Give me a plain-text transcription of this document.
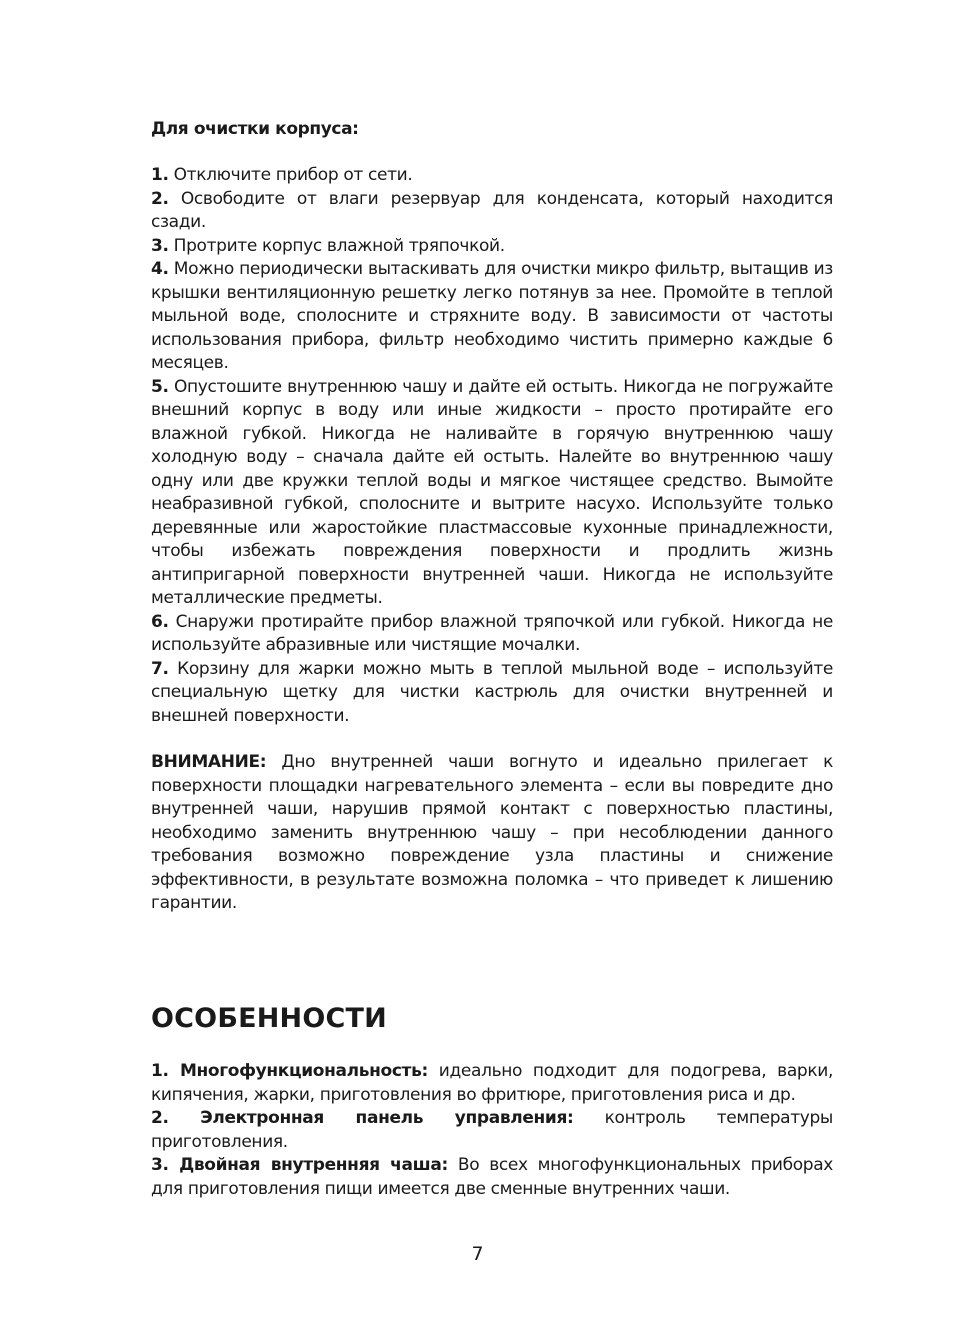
Для очистки корпуса:

1. Отключите прибор от сети.

2. Освободите от влаги резервуар для конденсата, который находится сзади.

3. Протрите корпус влажной тряпочкой.

4. Можно периодически вытаскивать для очистки микро фильтр, вытащив из крышки вентиляционную решетку легко потянув за нее. Промойте в теплой мыльной воде, сполосните и стряхните воду. В зависимости от частоты использования прибора, фильтр необходимо чистить примерно каждые 6 месяцев.

5. Опустошите внутреннюю чашу и дайте ей остыть. Никогда не погружайте внешний корпус в воду или иные жидкости – просто протирайте его влажной губкой. Никогда не наливайте в горячую внутреннюю чашу холодную воду – сначала дайте ей остыть. Налейте во внутреннюю чашу одну или две кружки теплой воды и мягкое чистящее средство. Вымойте неабразивной губкой, сполосните и вытрите насухо. Используйте только деревянные или жаростойкие пластмассовые кухонные принадлежности, чтобы избежать повреждения поверхности и продлить жизнь антипригарной поверхности внутренней чаши. Никогда не используйте металлические предметы.

6. Снаружи протирайте прибор влажной тряпочкой или губкой. Никогда не используйте абразивные или чистящие мочалки.

7. Корзину для жарки можно мыть в теплой мыльной воде – используйте специальную щетку для чистки кастрюль для очистки внутренней и внешней поверхности.

ВНИМАНИЕ: Дно внутренней чаши вогнуто и идеально прилегает к поверхности площадки нагревательного элемента – если вы повредите дно внутренней чаши, нарушив прямой контакт с поверхностью пластины, необходимо заменить внутреннюю чашу – при несоблюдении данного требования возможно повреждение узла пластины и снижение эффективности, в результате возможна поломка – что приведет к лишению гарантии.

ОСОБЕННОСТИ

1. Многофункциональность: идеально подходит для подогрева, варки, кипячения, жарки, приготовления во фритюре, приготовления риса и др.

2. Электронная панель управления: контроль температуры приготовления.

3. Двойная внутренняя чаша: Во всех многофункциональных приборах для приготовления пищи имеется две сменные внутренних чаши.

7
